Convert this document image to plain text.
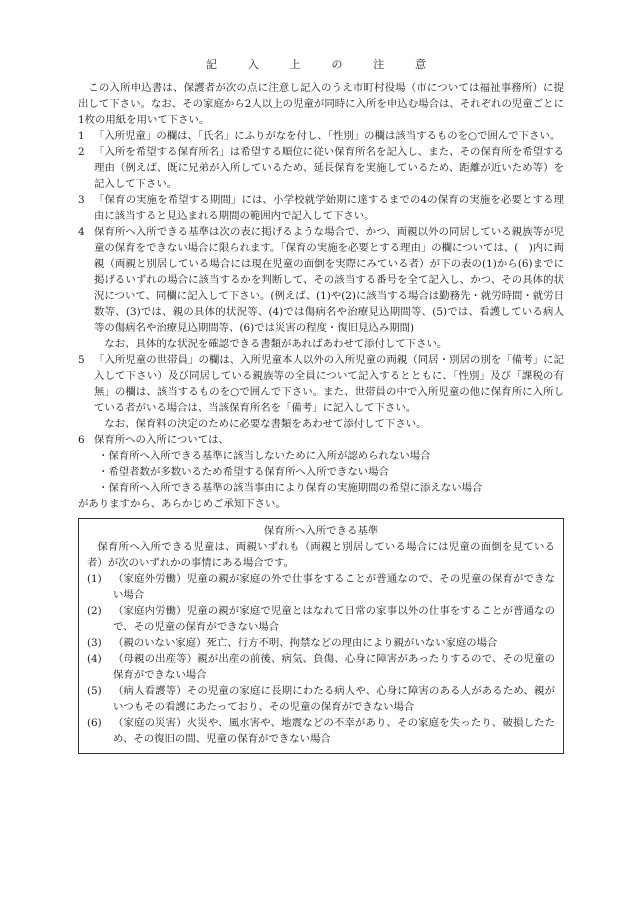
記　入　上　の　注　意

この入所申込書は、保護者が次の点に注意し記入のうえ市町村役場（市については福祉事務所）に提出して下さい。なお、その家庭から2人以上の児童が同時に入所を申込む場合は、それぞれの児童ごとに1枚の用紙を用いて下さい。

1 「入所児童」の欄は、「氏名」にふりがなを付し、「性別」の欄は該当するものを○で囲んで下さい。
2 「入所を希望する保育所名」は希望する順位に従い保育所名を記入し、また、その保育所を希望する理由（例えば、既に兄弟が入所しているため、延長保育を実施しているため、距離が近いため等）を記入して下さい。
3 「保育の実施を希望する期間」には、小学校就学始期に達するまでの4の保育の実施を必要とする理由に該当すると見込まれる期間の範囲内で記入して下さい。
4 保育所へ入所できる基準は次の表に掲げるような場合で、かつ、両親以外の同居している親族等が児童の保育をできない場合に限られます。「保育の実施を必要とする理由」の欄については、(　)内に両親（両親と別居している場合には現在児童の面倒を実際にみている者）が下の表の(1)から(6)までに掲げるいずれの場合に該当するかを判断して、その該当する番号を全て記入し、かつ、その具体的状況について、同欄に記入して下さい。(例えば、(1)や(2)に該当する場合は勤務先・就労時間・就労日数等、(3)では、親の具体的状況等、(4)では傷病名や治療見込期間等、(5)では、看護している病人等の傷病名や治療見込期間等、(6)では災害の程度・復旧見込み期間)

なお、具体的な状況を確認できる書類があればあわせて添付して下さい。

5 「入所児童の世帯員」の欄は、入所児童本人以外の入所児童の両親（同居・別居の別を「備考」に記入して下さい）及び同居している親族等の全員について記入するとともに、「性別」及び「課税の有無」の欄は、該当するものを○で囲んで下さい。また、世帯員の中で入所児童の他に保育所に入所している者がいる場合は、当該保育所名を「備考」に記入して下さい。

なお、保育料の決定のために必要な書類をあわせて添付して下さい。

6 保育所への入所については、

・保育所へ入所できる基準に該当しないために入所が認められない場合

・希望者数が多数いるため希望する保育所へ入所できない場合

・保育所へ入所できる基準の該当事由により保育の実施期間の希望に添えない場合

がありますから、あらかじめご承知下さい。

保育所へ入所できる基準

保育所へ入所できる児童は、両親いずれも（両親と別居している場合には児童の面倒を見ている者）が次のいずれかの事情にある場合です。

(1)	（家庭外労働）児童の親が家庭の外で仕事をすることが普通なので、その児童の保育ができない場合
(2)	（家庭内労働）児童の親が家庭で児童とはなれて日常の家事以外の仕事をすることが普通なので、その児童の保育ができない場合
(3)	（親のいない家庭）死亡、行方不明、拘禁などの理由により親がいない家庭の場合
(4)	（母親の出産等）親が出産の前後、病気、負傷、心身に障害があったりするので、その児童の保育ができない場合
(5)	（病人看護等）その児童の家庭に長期にわたる病人や、心身に障害のある人があるため、親がいつもその看護にあたっており、その児童の保育ができない場合
(6)	（家庭の災害）火災や、風水害や、地震などの不幸があり、その家庭を失ったり、破損したため、その復旧の間、児童の保育ができない場合
